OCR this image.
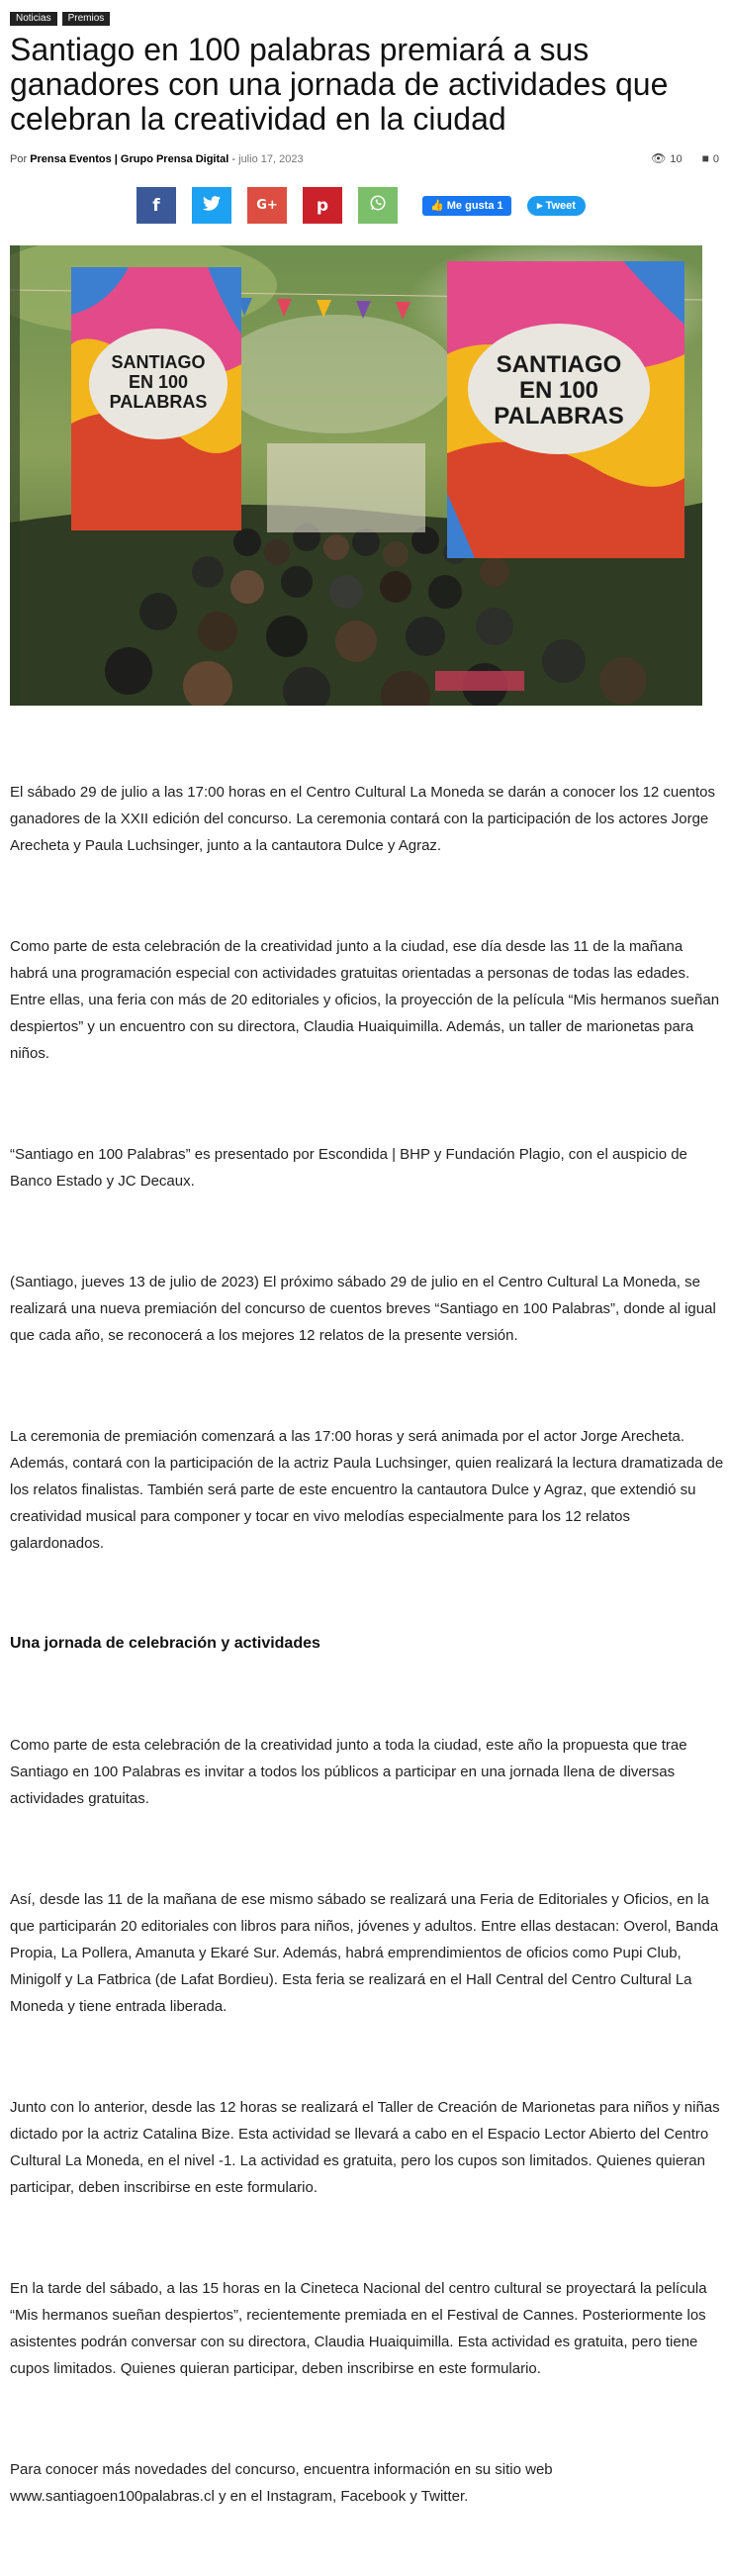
Noticias	Premios
Santiago en 100 palabras premiará a sus ganadores con una jornada de actividades que celebran la creatividad en la ciudad
Por Prensa Eventos | Grupo Prensa Digital - julio 17, 2023	👁 10 ■ 0
f	G+ p	👍 Me gusta 1	▸ Tweet
SANTIAGO
EN 100
PALABRAS
SANTIAGO
EN 100
PALABRAS

El sábado 29 de julio a las 17:00 horas en el Centro Cultural La Moneda se darán a conocer los 12 cuentos ganadores de la XXII edición del concurso. La ceremonia contará con la participación de los actores Jorge Arecheta y Paula Luchsinger, junto a la cantautora Dulce y Agraz.

Como parte de esta celebración de la creatividad junto a la ciudad, ese día desde las 11 de la mañana habrá una programación especial con actividades gratuitas orientadas a personas de todas las edades. Entre ellas, una feria con más de 20 editoriales y oficios, la proyección de la película “Mis hermanos sueñan despiertos” y un encuentro con su directora, Claudia Huaiquimilla. Además, un taller de marionetas para niños.

“Santiago en 100 Palabras” es presentado por Escondida | BHP y Fundación Plagio, con el auspicio de Banco Estado y JC Decaux.

(Santiago, jueves 13 de julio de 2023) El próximo sábado 29 de julio en el Centro Cultural La Moneda, se realizará una nueva premiación del concurso de cuentos breves “Santiago en 100 Palabras”, donde al igual que cada año, se reconocerá a los mejores 12 relatos de la presente versión.

La ceremonia de premiación comenzará a las 17:00 horas y será animada por el actor Jorge Arecheta. Además, contará con la participación de la actriz Paula Luchsinger, quien realizará la lectura dramatizada de los relatos finalistas. También será parte de este encuentro la cantautora Dulce y Agraz, que extendió su creatividad musical para componer y tocar en vivo melodías especialmente para los 12 relatos galardonados.

Una jornada de celebración y actividades

Como parte de esta celebración de la creatividad junto a toda la ciudad, este año la propuesta que trae Santiago en 100 Palabras es invitar a todos los públicos a participar en una jornada llena de diversas actividades gratuitas.

Así, desde las 11 de la mañana de ese mismo sábado se realizará una Feria de Editoriales y Oficios, en la que participarán 20 editoriales con libros para niños, jóvenes y adultos. Entre ellas destacan: Overol, Banda Propia, La Pollera, Amanuta y Ekaré Sur. Además, habrá emprendimientos de oficios como Pupi Club, Minigolf y La Fatbrica (de Lafat Bordieu). Esta feria se realizará en el Hall Central del Centro Cultural La Moneda y tiene entrada liberada.

Junto con lo anterior, desde las 12 horas se realizará el Taller de Creación de Marionetas para niños y niñas dictado por la actriz Catalina Bize. Esta actividad se llevará a cabo en el Espacio Lector Abierto del Centro Cultural La Moneda, en el nivel -1. La actividad es gratuita, pero los cupos son limitados. Quienes quieran participar, deben inscribirse en este formulario.

En la tarde del sábado, a las 15 horas en la Cineteca Nacional del centro cultural se proyectará la película “Mis hermanos sueñan despiertos”, recientemente premiada en el Festival de Cannes. Posteriormente los asistentes podrán conversar con su directora, Claudia Huaiquimilla. Esta actividad es gratuita, pero tiene cupos limitados. Quienes quieran participar, deben inscribirse en este formulario.

Para conocer más novedades del concurso, encuentra información en su sitio web www.santiagoen100palabras.cl y en el Instagram, Facebook y Twitter.
